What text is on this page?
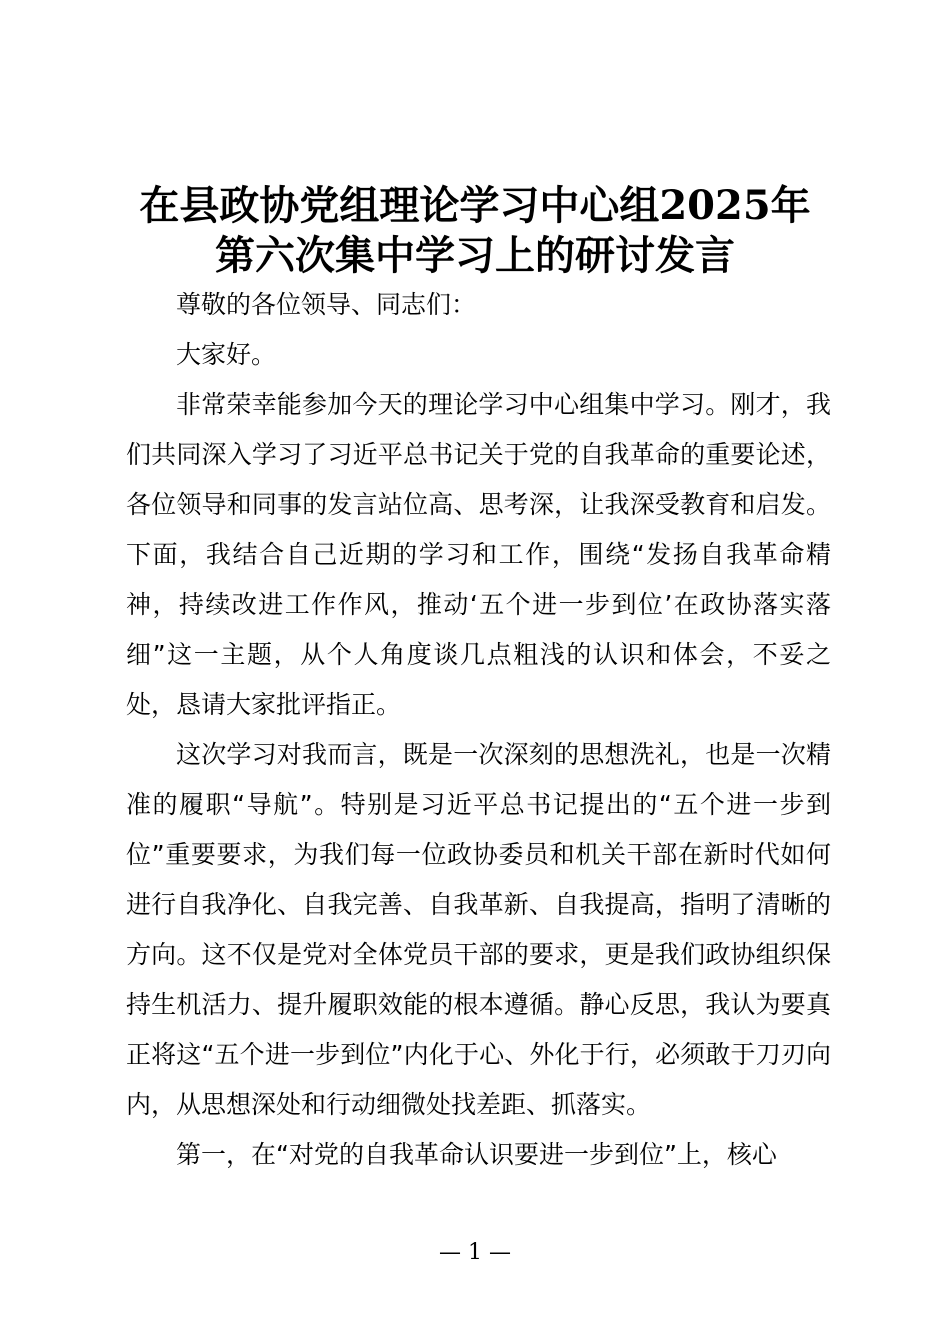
在县政协党组理论学习中心组2025年
第六次集中学习上的研讨发言

尊敬的各位领导、同志们：

大家好。

非常荣幸能参加今天的理论学习中心组集中学习。刚才，我们共同深入学习了习近平总书记关于党的自我革命的重要论述，各位领导和同事的发言站位高、思考深，让我深受教育和启发。下面，我结合自己近期的学习和工作，围绕“发扬自我革命精神，持续改进工作作风，推动‘五个进一步到位’在政协落实落细”这一主题，从个人角度谈几点粗浅的认识和体会，不妥之处，恳请大家批评指正。

这次学习对我而言，既是一次深刻的思想洗礼，也是一次精准的履职“导航”。特别是习近平总书记提出的“五个进一步到位”重要要求，为我们每一位政协委员和机关干部在新时代如何进行自我净化、自我完善、自我革新、自我提高，指明了清晰的方向。这不仅是党对全体党员干部的要求，更是我们政协组织保持生机活力、提升履职效能的根本遵循。静心反思，我认为要真正将这“五个进一步到位”内化于心、外化于行，必须敢于刀刃向内，从思想深处和行动细微处找差距、抓落实。

第一，在“对党的自我革命认识要进一步到位”上，核心

— 1 —
